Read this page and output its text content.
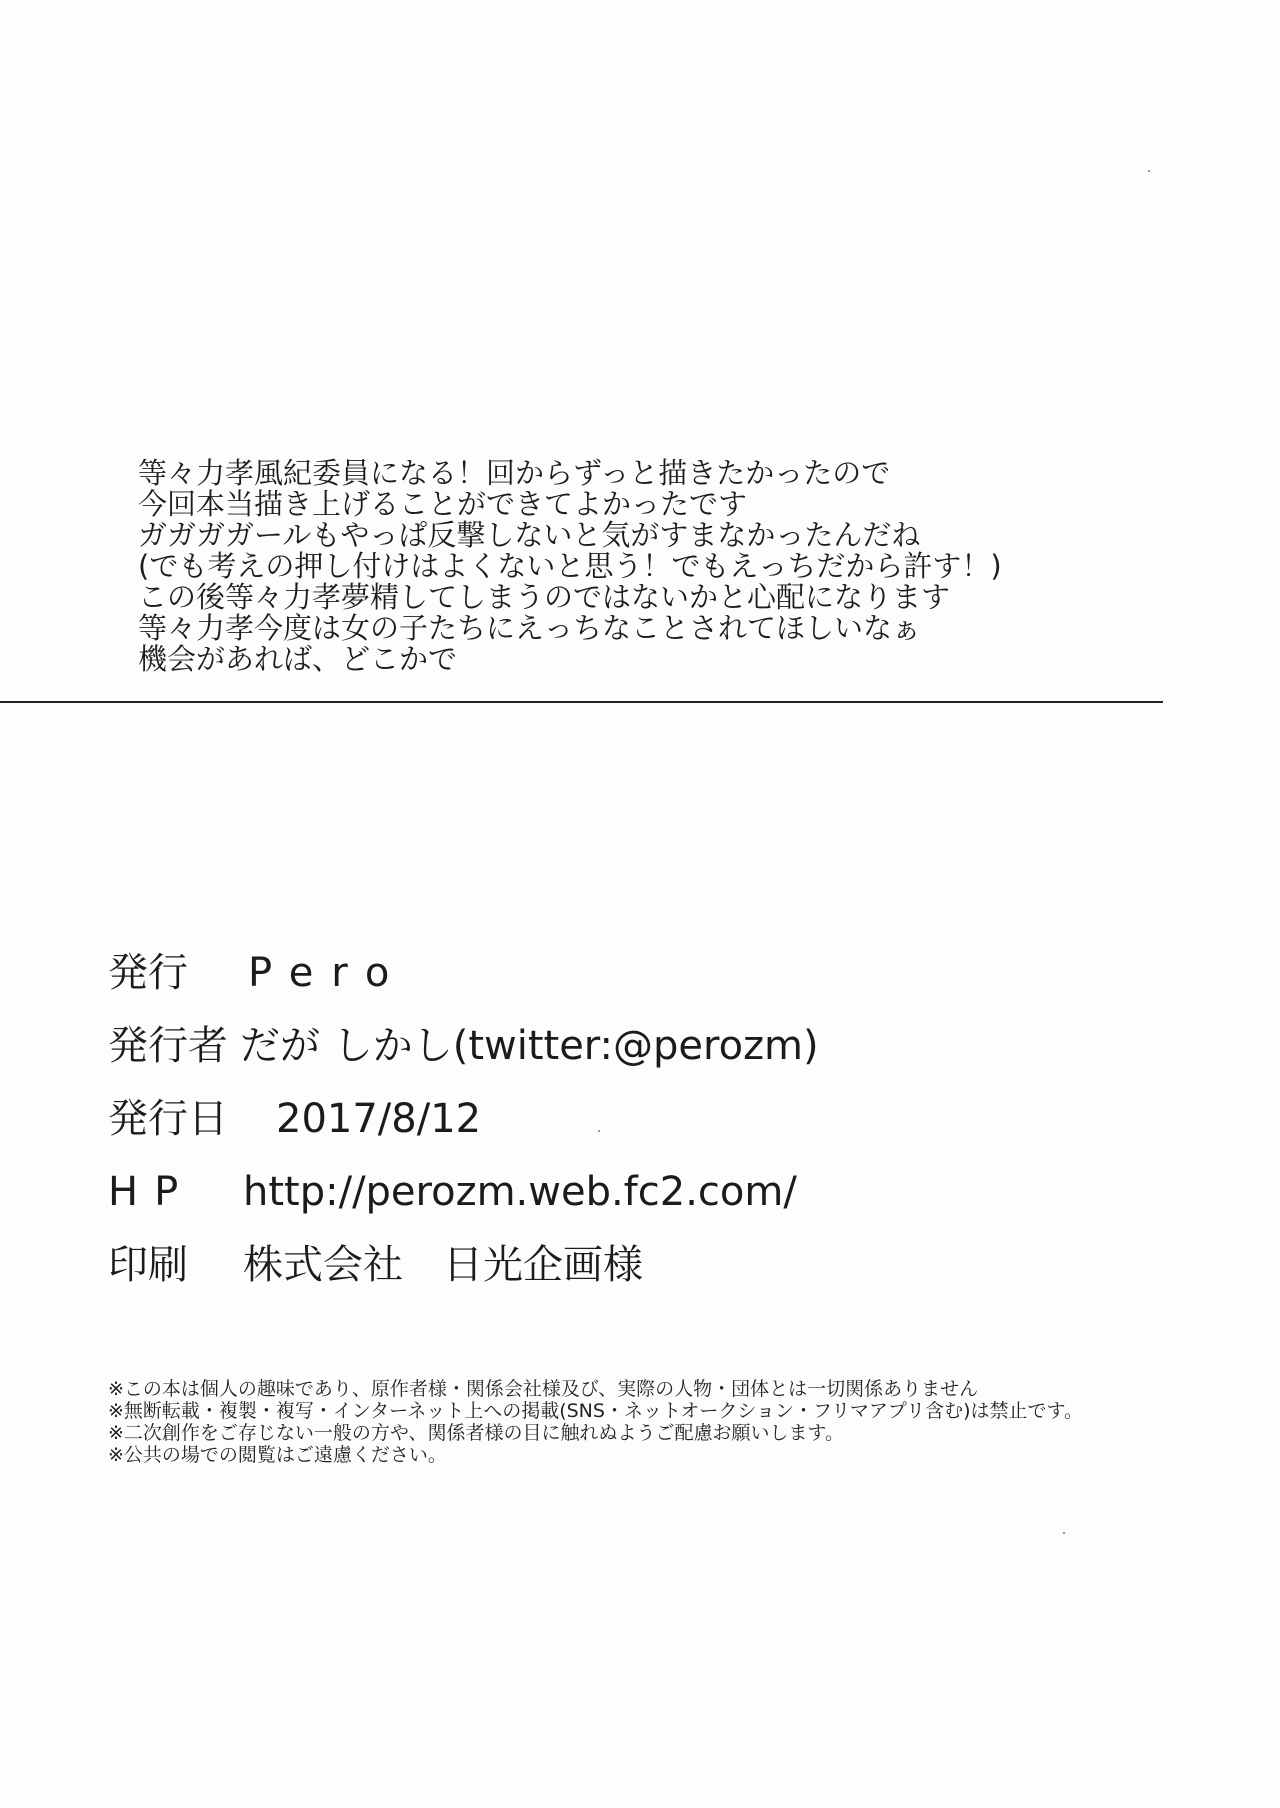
等々力孝風紀委員になる！回からずっと描きたかったので
今回本当描き上げることができてよかったです
ガガガガールもやっぱ反撃しないと気がすまなかったんだね
(でも考えの押し付けはよくないと思う！でもえっちだから許す！)
この後等々力孝夢精してしまうのではないかと心配になります
等々力孝今度は女の子たちにえっちなことされてほしいなぁ
機会があれば、どこかで
発行 Pero
発行者 だが しかし(twitter:@perozm)
発行日 2017/8/12
HP http://perozm.web.fc2.com/
印刷 株式会社　日光企画様
※この本は個人の趣味であり、原作者様・関係会社様及び、実際の人物・団体とは一切関係ありません
※無断転載・複製・複写・インターネット上への掲載(SNS・ネットオークション・フリマアプリ含む)は禁止です。
※二次創作をご存じない一般の方や、関係者様の目に触れぬようご配慮お願いします。
※公共の場での閲覧はご遠慮ください。
